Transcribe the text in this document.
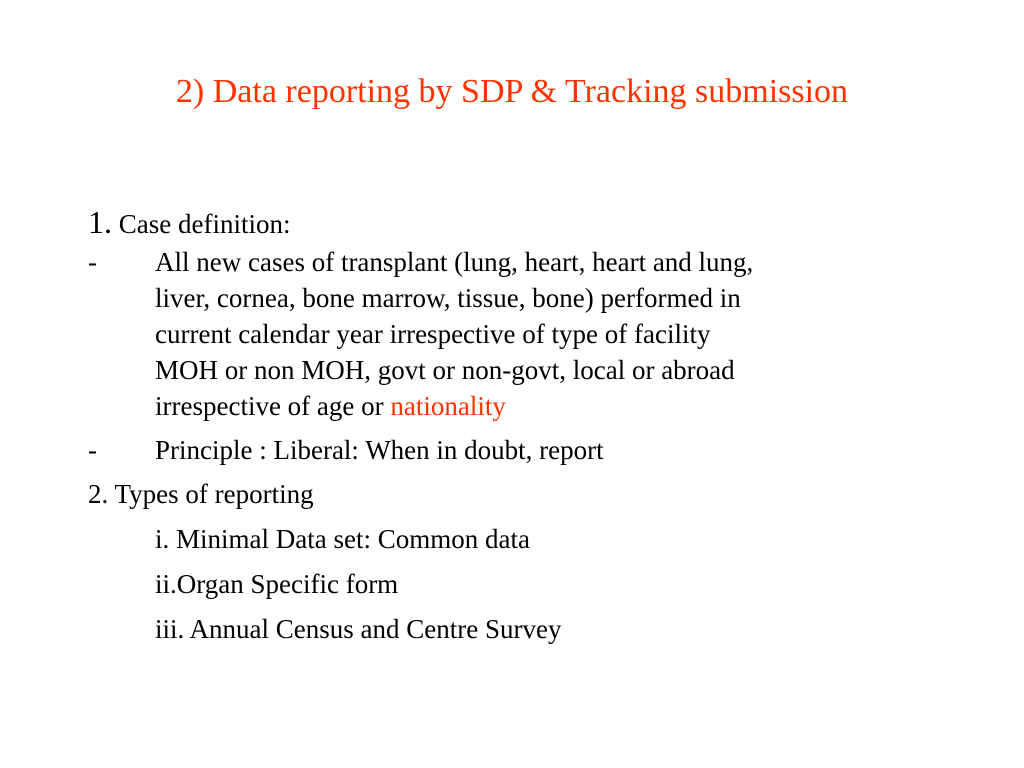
2) Data reporting by SDP & Tracking submission
1. Case definition:
-	All new cases of transplant (lung, heart, heart and lung,
liver, cornea, bone marrow, tissue, bone) performed in
current calendar year irrespective of type of facility
MOH or non MOH, govt or non-govt, local or abroad
irrespective of age or nationality
-	Principle : Liberal: When in doubt, report
2. Types of reporting
i. Minimal Data set: Common data
ii.Organ Specific form
iii. Annual Census and Centre Survey
